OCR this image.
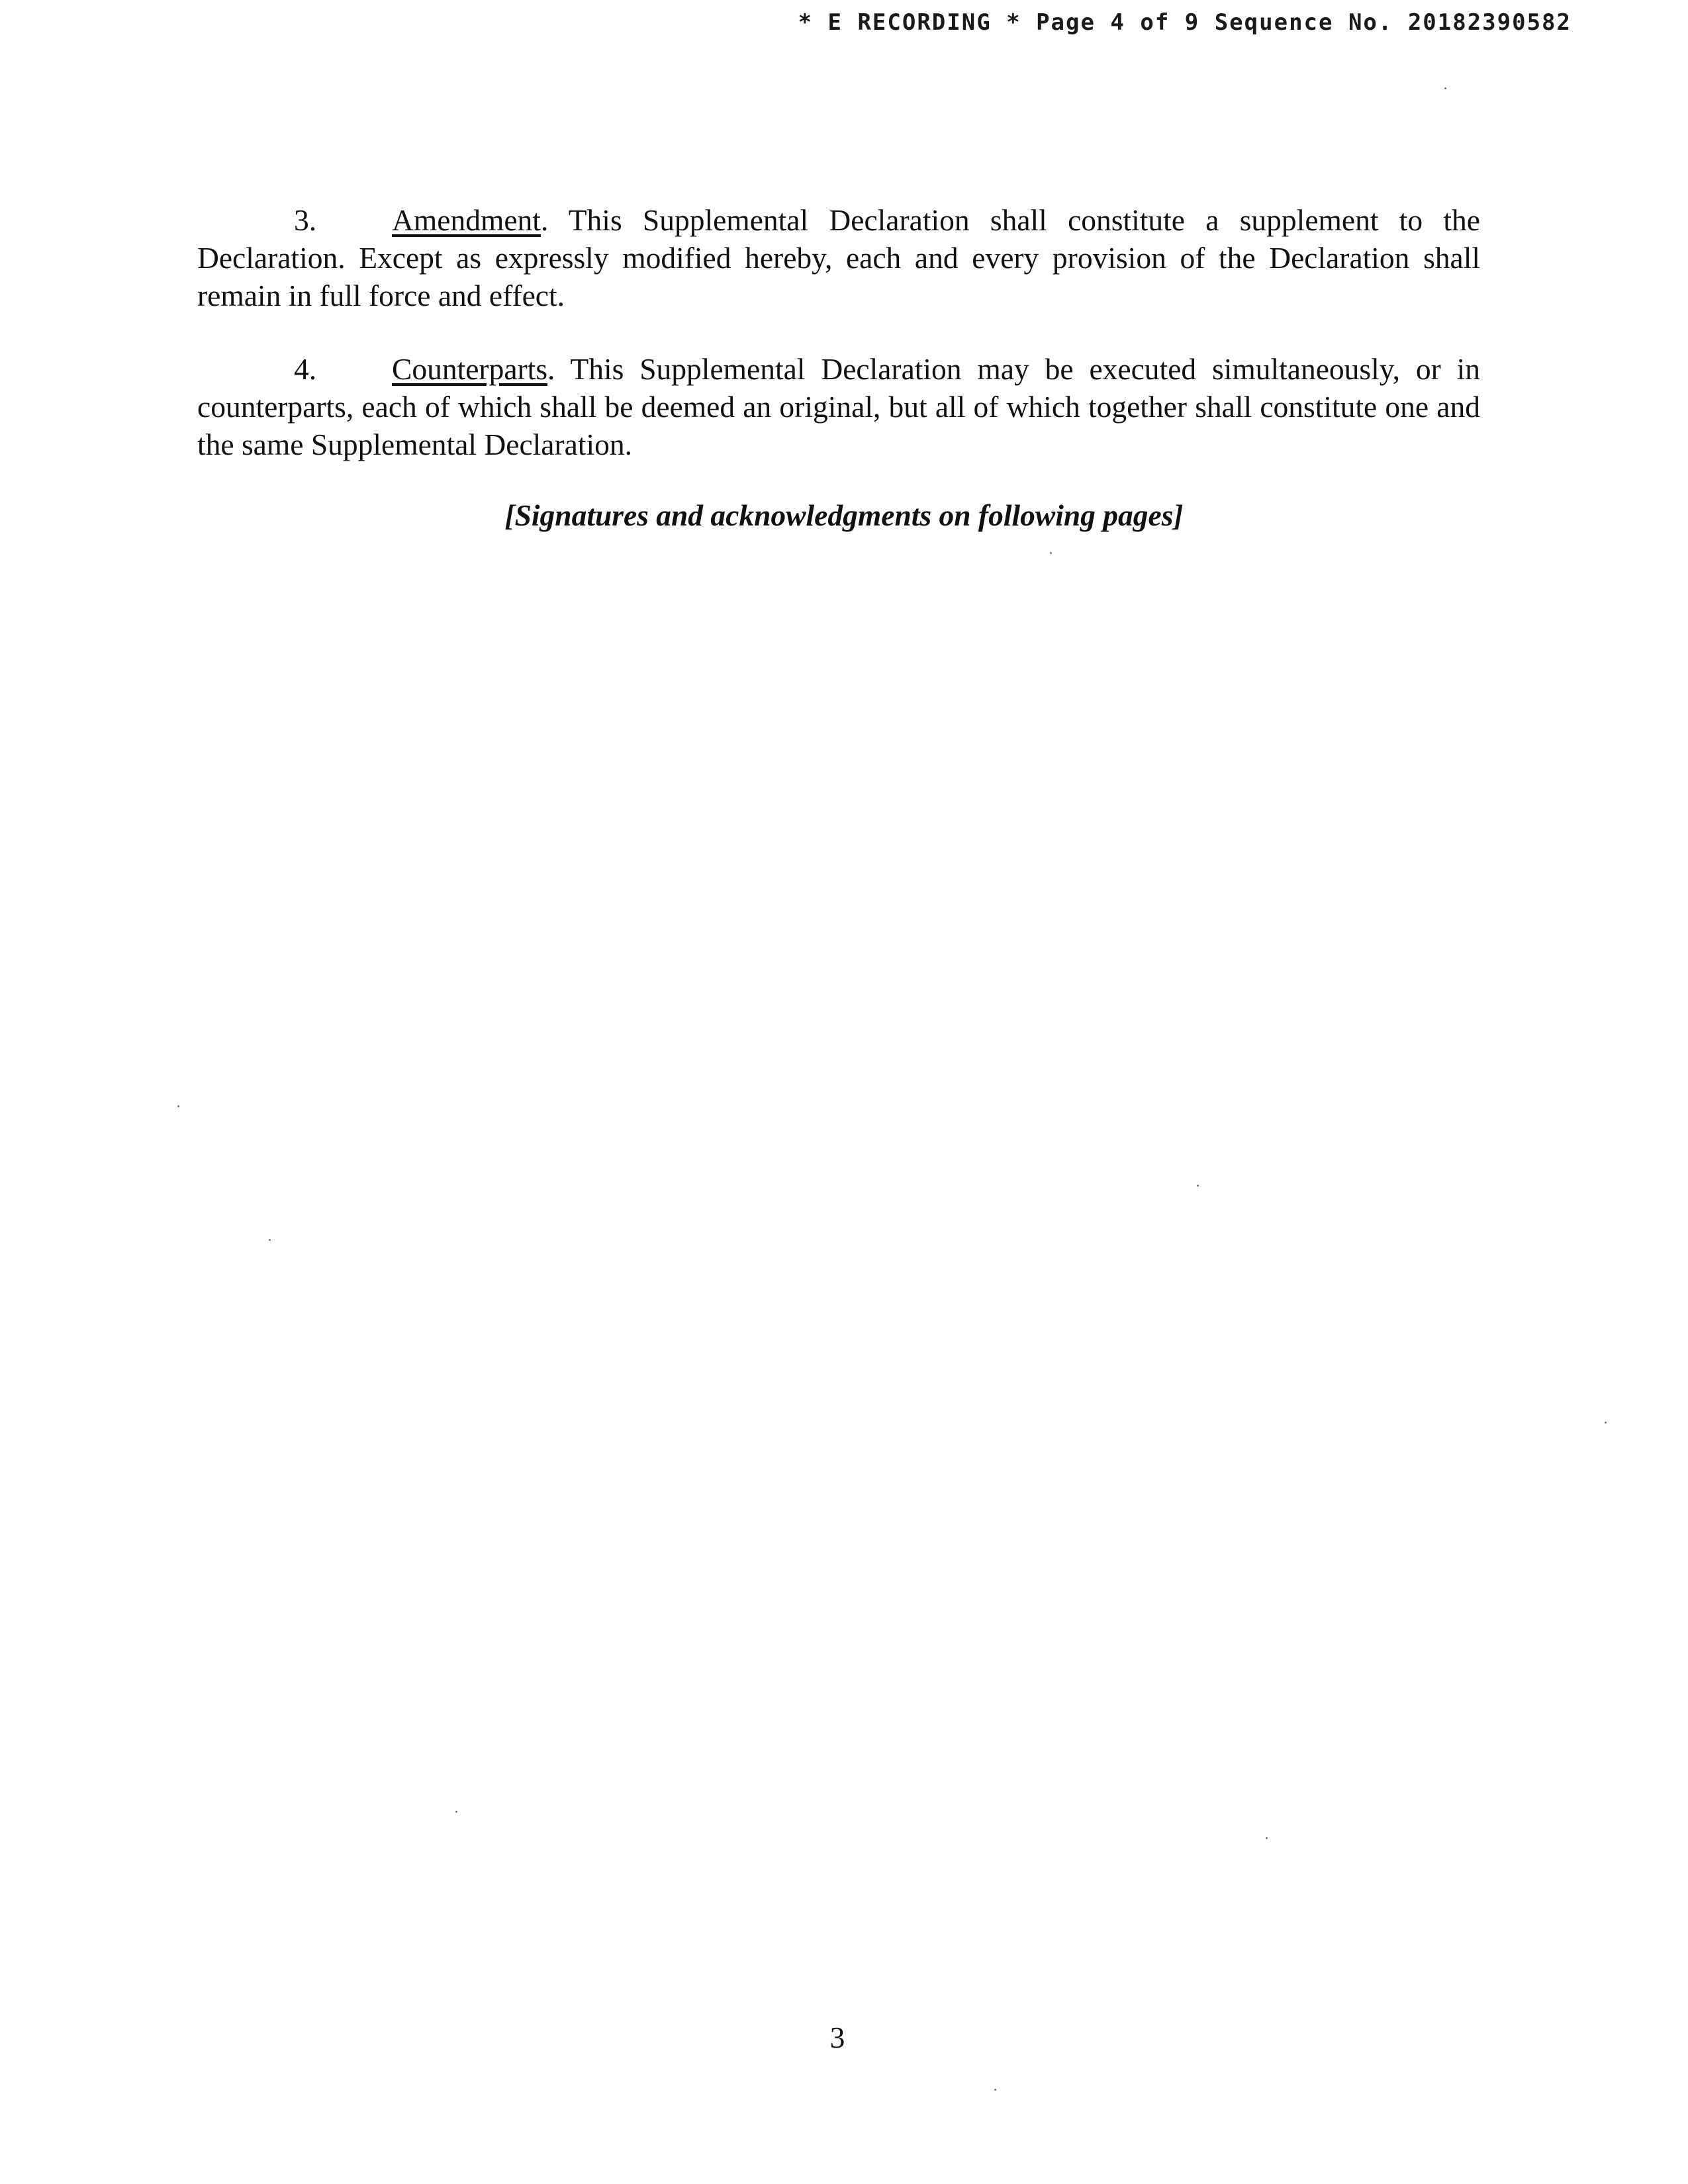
* E RECORDING * Page 4 of 9 Sequence No. 20182390582

3.	Amendment. This Supplemental Declaration shall constitute a supplement to the Declaration. Except as expressly modified hereby, each and every provision of the Declaration shall remain in full force and effect.

4.	Counterparts. This Supplemental Declaration may be executed simultaneously, or in counterparts, each of which shall be deemed an original, but all of which together shall constitute one and the same Supplemental Declaration.

[Signatures and acknowledgments on following pages]
3
